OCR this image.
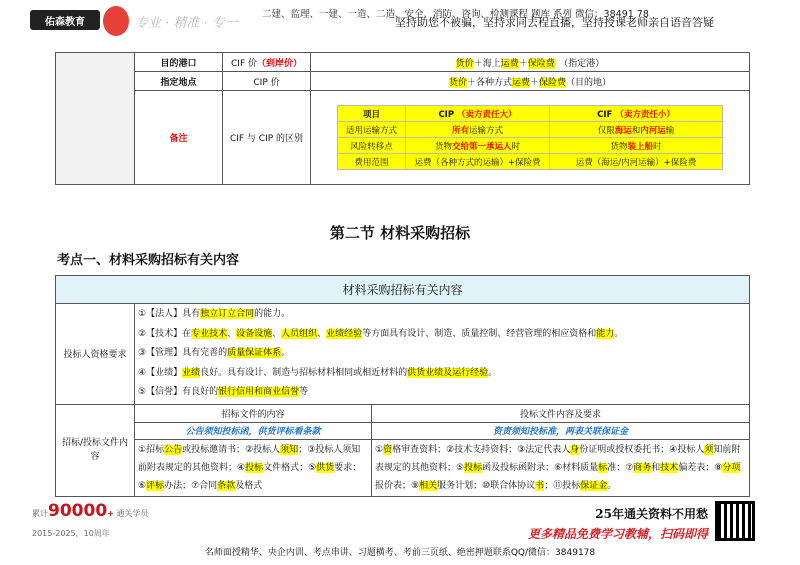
佑森教育	专业 · 精准 · 专一
二建、监理、一建、一造、二造、安全、消防、咨询、检测课程 题库 系列 微信：38491 78
坚持助您不被骗，坚持求同去程直播，坚持授课老师亲自语音答疑
	目的港口	CIF 价（到岸价）	货价＋海上运费＋保险费　（指定港）
指定地点	CIP 价	货价＋各种方式运费＋保险费（目的地）
备注	CIF 与 CIP 的区别	
项目	CIP （卖方责任大）	CIF （卖方责任小）
适用运输方式	所有运输方式	仅限海运和内河运输
风险转移点	货物交给第一承运人时	货物装上船时
费用范围	运费（各种方式的运输）+保险费	运费（海运/内河运输）+保险费
第二节 材料采购招标
考点一、材料采购招标有关内容
材料采购招标有关内容		
投标人资格要求	①【法人】具有独立订立合同的能力。

②【技术】在专业技术、设备设施、人员组织、业绩经验等方面具有设计、制造、质量控制、经营管理的相应资格和能力。

③【管理】具有完善的质量保证体系。

④【业绩】业绩良好。具有设计、制造与招标材料相同或相近材料的供货业绩及运行经验。

⑤【信誉】有良好的银行信用和商业信誉等	

招标/投标文件内容	招标文件的内容	投标文件内容及要求
	公告须知投标函，供货评标看条款	资责须知投标准，两表关联保证金
	①招标公告或投标邀请书；②投标人须知；③投标人须知前附表规定的其他资料；④投标文件格式；⑤供货要求；⑥评标办法；⑦合同条款及格式	①资格审查资料；②技术支持资料；③法定代表人身份证明或授权委托书；④投标人须知前附表规定的其他资料；⑤投标函及投标函附录；⑥材料质量标准；⑦商务和技术偏差表；⑧分项报价表；⑨相关服务计划；⑩联合体协议书；⑪投标保证金。
累计90000+ 通关学员
2015-2025，10周年
25年通关资料不用愁
更多精品免费学习教辅，扫码即得
名师面授精华、央企内训、考点串讲、习题横考、考前三页纸、绝密押题联系QQ/微信：3849178
